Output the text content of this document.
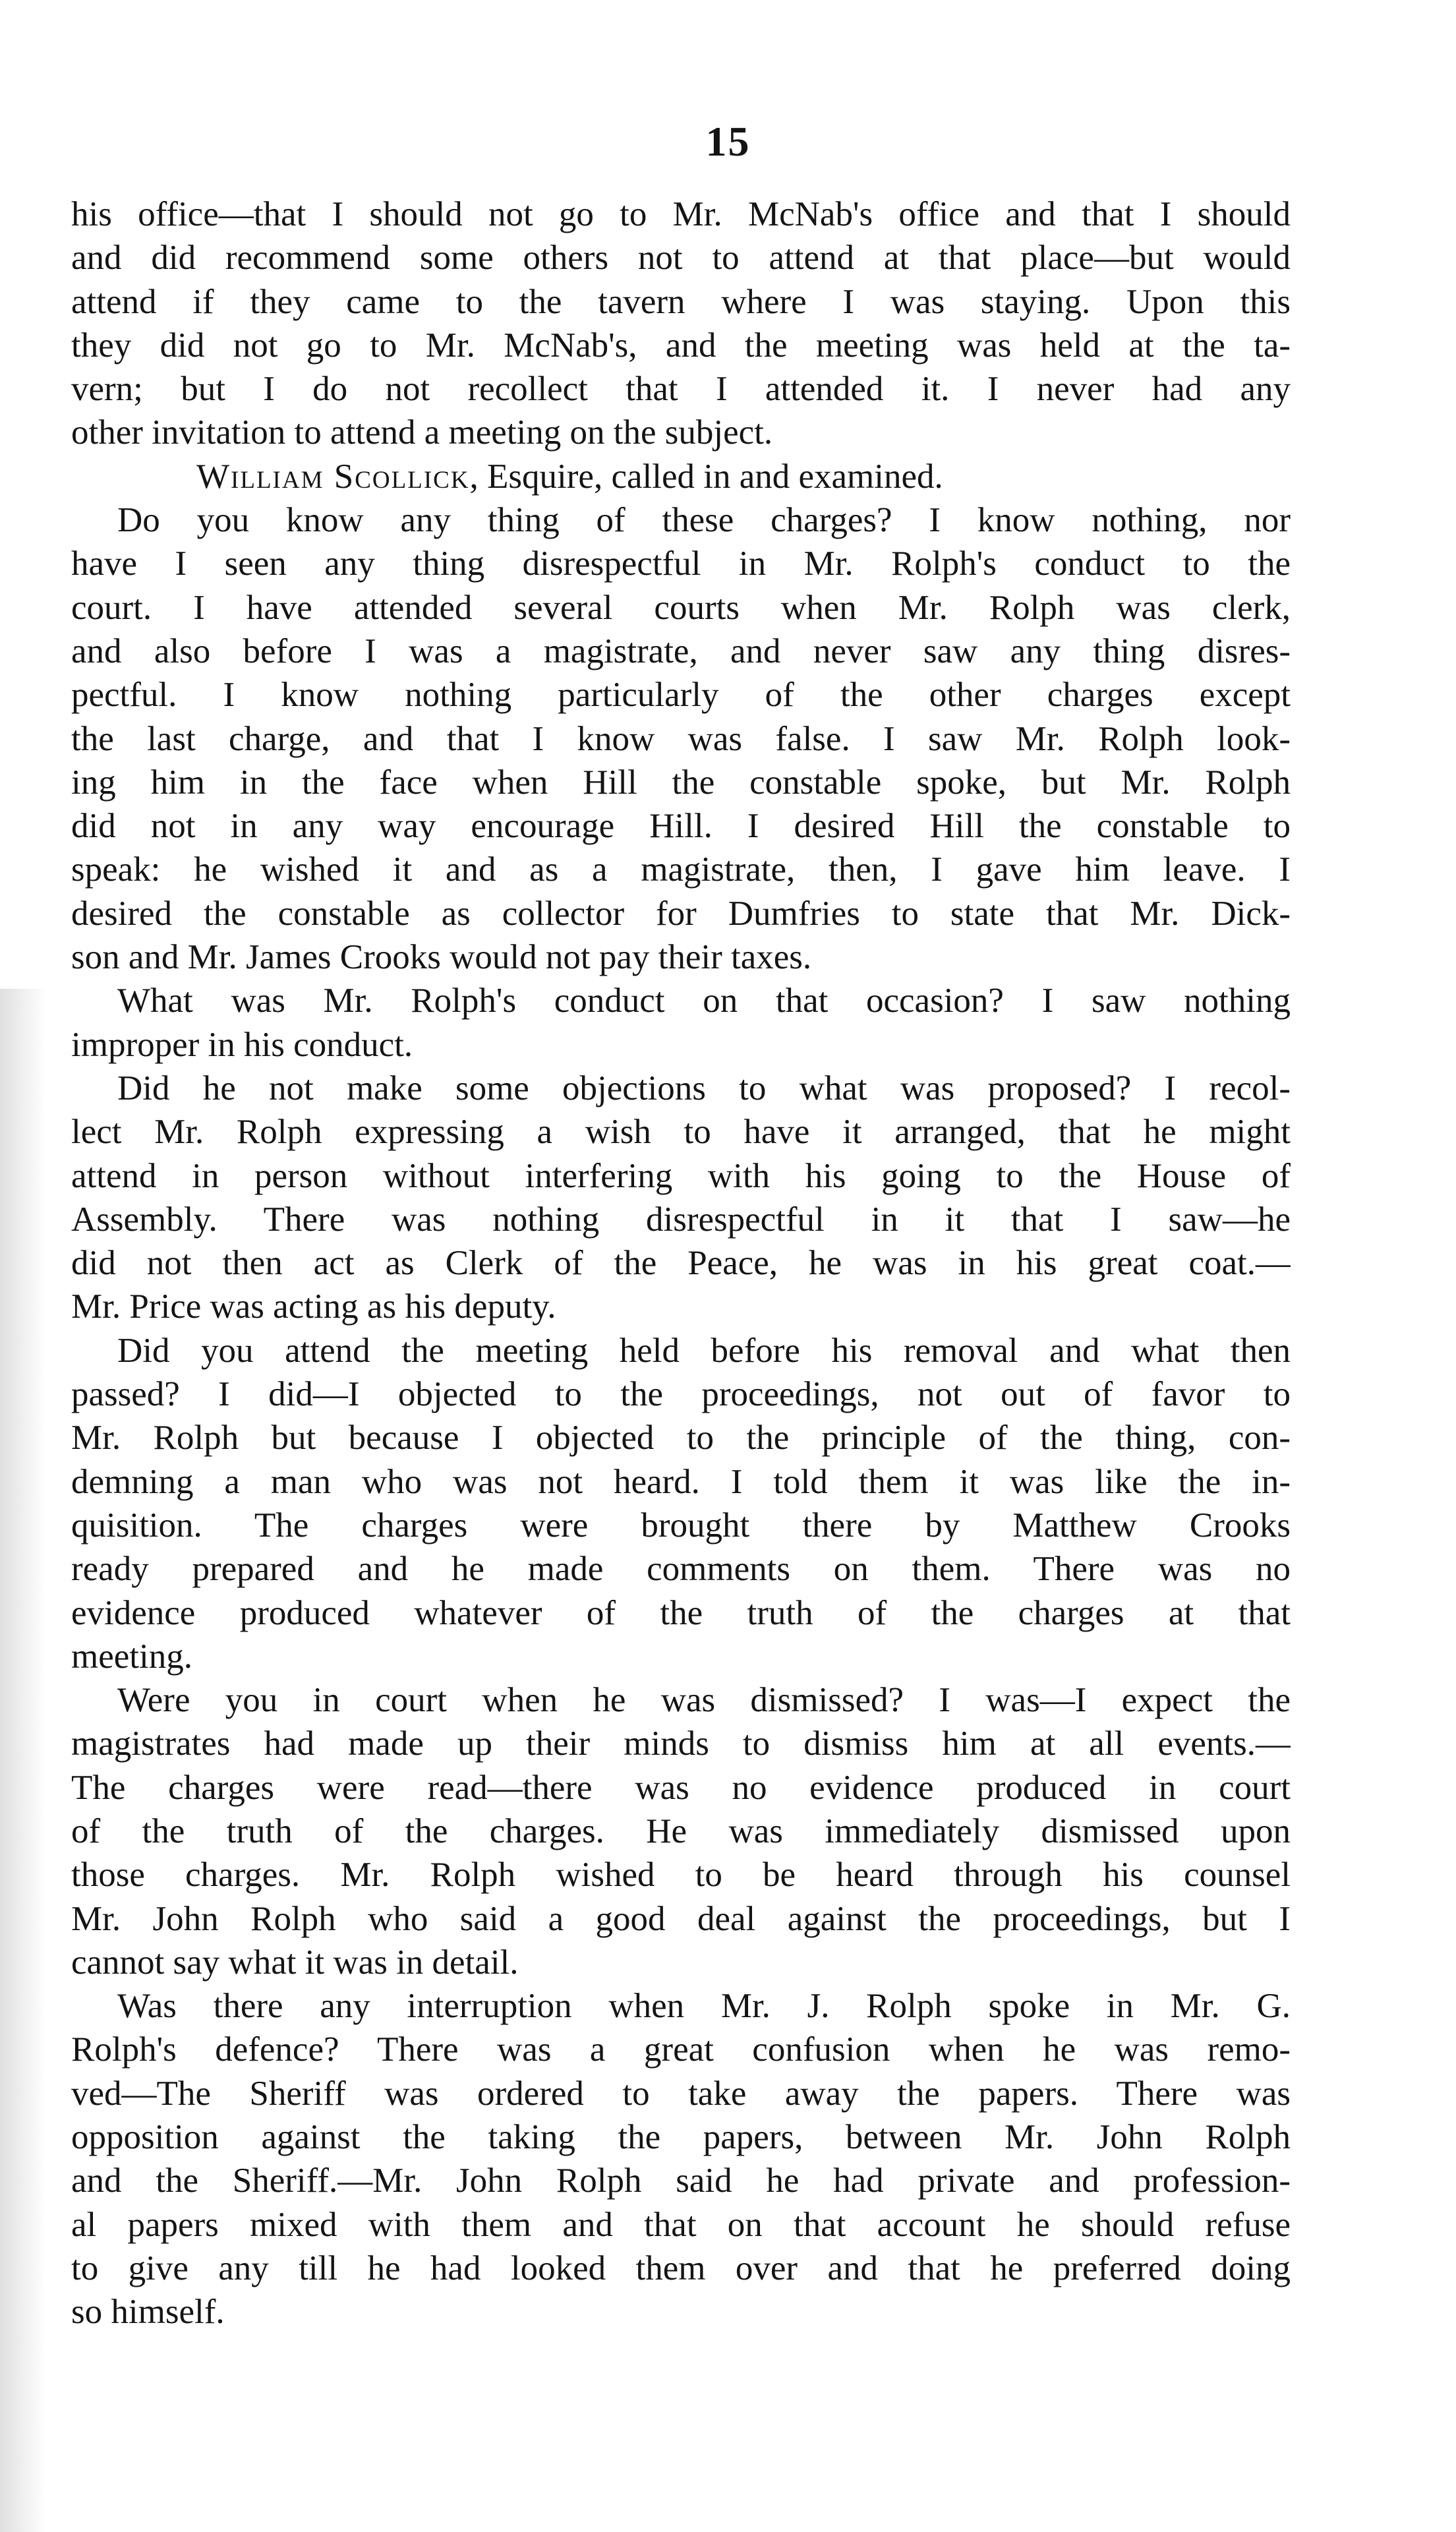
15
his office—that I should not go to Mr. McNab's office and that I should
and did recommend some others not to attend at that place—but would
attend if they came to the tavern where I was staying. Upon this
they did not go to Mr. McNab's, and the meeting was held at the ta-
vern; but I do not recollect that I attended it. I never had any
other invitation to attend a meeting on the subject.
William Scollick, Esquire, called in and examined.
Do you know any thing of these charges? I know nothing, nor
have I seen any thing disrespectful in Mr. Rolph's conduct to the
court. I have attended several courts when Mr. Rolph was clerk,
and also before I was a magistrate, and never saw any thing disres-
pectful. I know nothing particularly of the other charges except
the last charge, and that I know was false. I saw Mr. Rolph look-
ing him in the face when Hill the constable spoke, but Mr. Rolph
did not in any way encourage Hill. I desired Hill the constable to
speak: he wished it and as a magistrate, then, I gave him leave. I
desired the constable as collector for Dumfries to state that Mr. Dick-
son and Mr. James Crooks would not pay their taxes.
What was Mr. Rolph's conduct on that occasion? I saw nothing
improper in his conduct.
Did he not make some objections to what was proposed? I recol-
lect Mr. Rolph expressing a wish to have it arranged, that he might
attend in person without interfering with his going to the House of
Assembly. There was nothing disrespectful in it that I saw—he
did not then act as Clerk of the Peace, he was in his great coat.—
Mr. Price was acting as his deputy.
Did you attend the meeting held before his removal and what then
passed? I did—I objected to the proceedings, not out of favor to
Mr. Rolph but because I objected to the principle of the thing, con-
demning a man who was not heard. I told them it was like the in-
quisition. The charges were brought there by Matthew Crooks
ready prepared and he made comments on them. There was no
evidence produced whatever of the truth of the charges at that
meeting.
Were you in court when he was dismissed? I was—I expect the
magistrates had made up their minds to dismiss him at all events.—
The charges were read—there was no evidence produced in court
of the truth of the charges. He was immediately dismissed upon
those charges. Mr. Rolph wished to be heard through his counsel
Mr. John Rolph who said a good deal against the proceedings, but I
cannot say what it was in detail.
Was there any interruption when Mr. J. Rolph spoke in Mr. G.
Rolph's defence? There was a great confusion when he was remo-
ved—The Sheriff was ordered to take away the papers. There was
opposition against the taking the papers, between Mr. John Rolph
and the Sheriff.—Mr. John Rolph said he had private and profession-
al papers mixed with them and that on that account he should refuse
to give any till he had looked them over and that he preferred doing
so himself.
